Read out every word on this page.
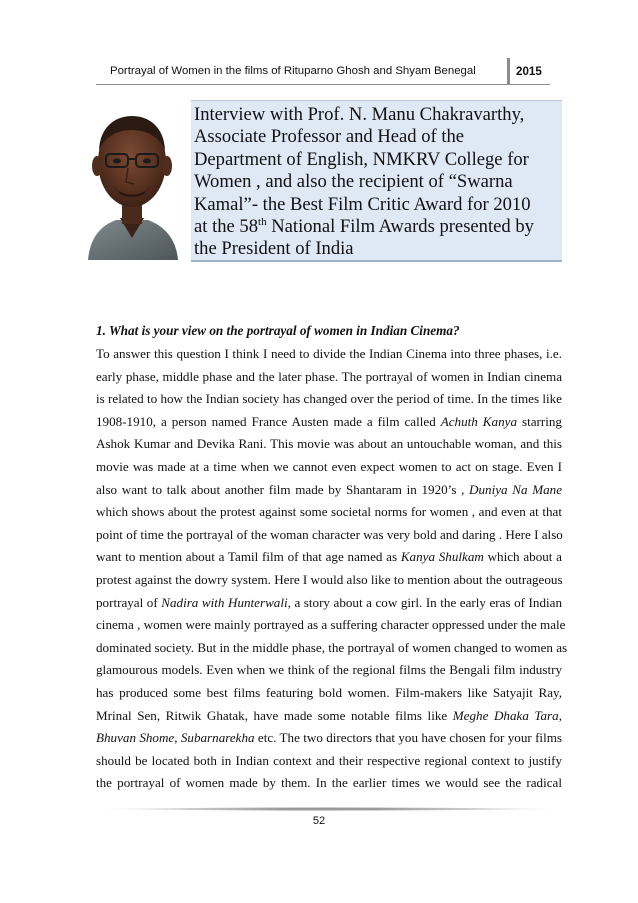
Portrayal of Women in the films of Rituparno Ghosh and Shyam Benegal	2015
Interview with Prof. N. Manu Chakravarthy,
Associate Professor and Head of the
Department of English, NMKRV College for
Women , and also the recipient of “Swarna
Kamal”- the Best Film Critic Award for 2010
at the 58th National Film Awards presented by
the President of India
1. What is your view on the portrayal of women in Indian Cinema?
To answer this question I think I need to divide the Indian Cinema into three phases, i.e.
early phase, middle phase and the later phase. The portrayal of women in Indian cinema
is related to how the Indian society has changed over the period of time. In the times like
1908-1910, a person named France Austen made a film called Achuth Kanya starring
Ashok Kumar and Devika Rani. This movie was about an untouchable woman, and this
movie was made at a time when we cannot even expect women to act on stage. Even I
also want to talk about another film made by Shantaram in 1920’s , Duniya Na Mane
which shows about the protest against some societal norms for women , and even at that
point of time the portrayal of the woman character was very bold and daring . Here I also
want to mention about a Tamil film of that age named as Kanya Shulkam which about a
protest against the dowry system. Here I would also like to mention about the outrageous
portrayal of Nadira with Hunterwali, a story about a cow girl. In the early eras of Indian
cinema , women were mainly portrayed as a suffering character oppressed under the male
dominated society. But in the middle phase, the portrayal of women changed to women as
glamourous models. Even when we think of the regional films the Bengali film industry
has produced some best films featuring bold women. Film-makers like Satyajit Ray,
Mrinal Sen, Ritwik Ghatak, have made some notable films like Meghe Dhaka Tara,
Bhuvan Shome, Subarnarekha etc. The two directors that you have chosen for your films
should be located both in Indian context and their respective regional context to justify
the portrayal of women made by them. In the earlier times we would see the radical
52
